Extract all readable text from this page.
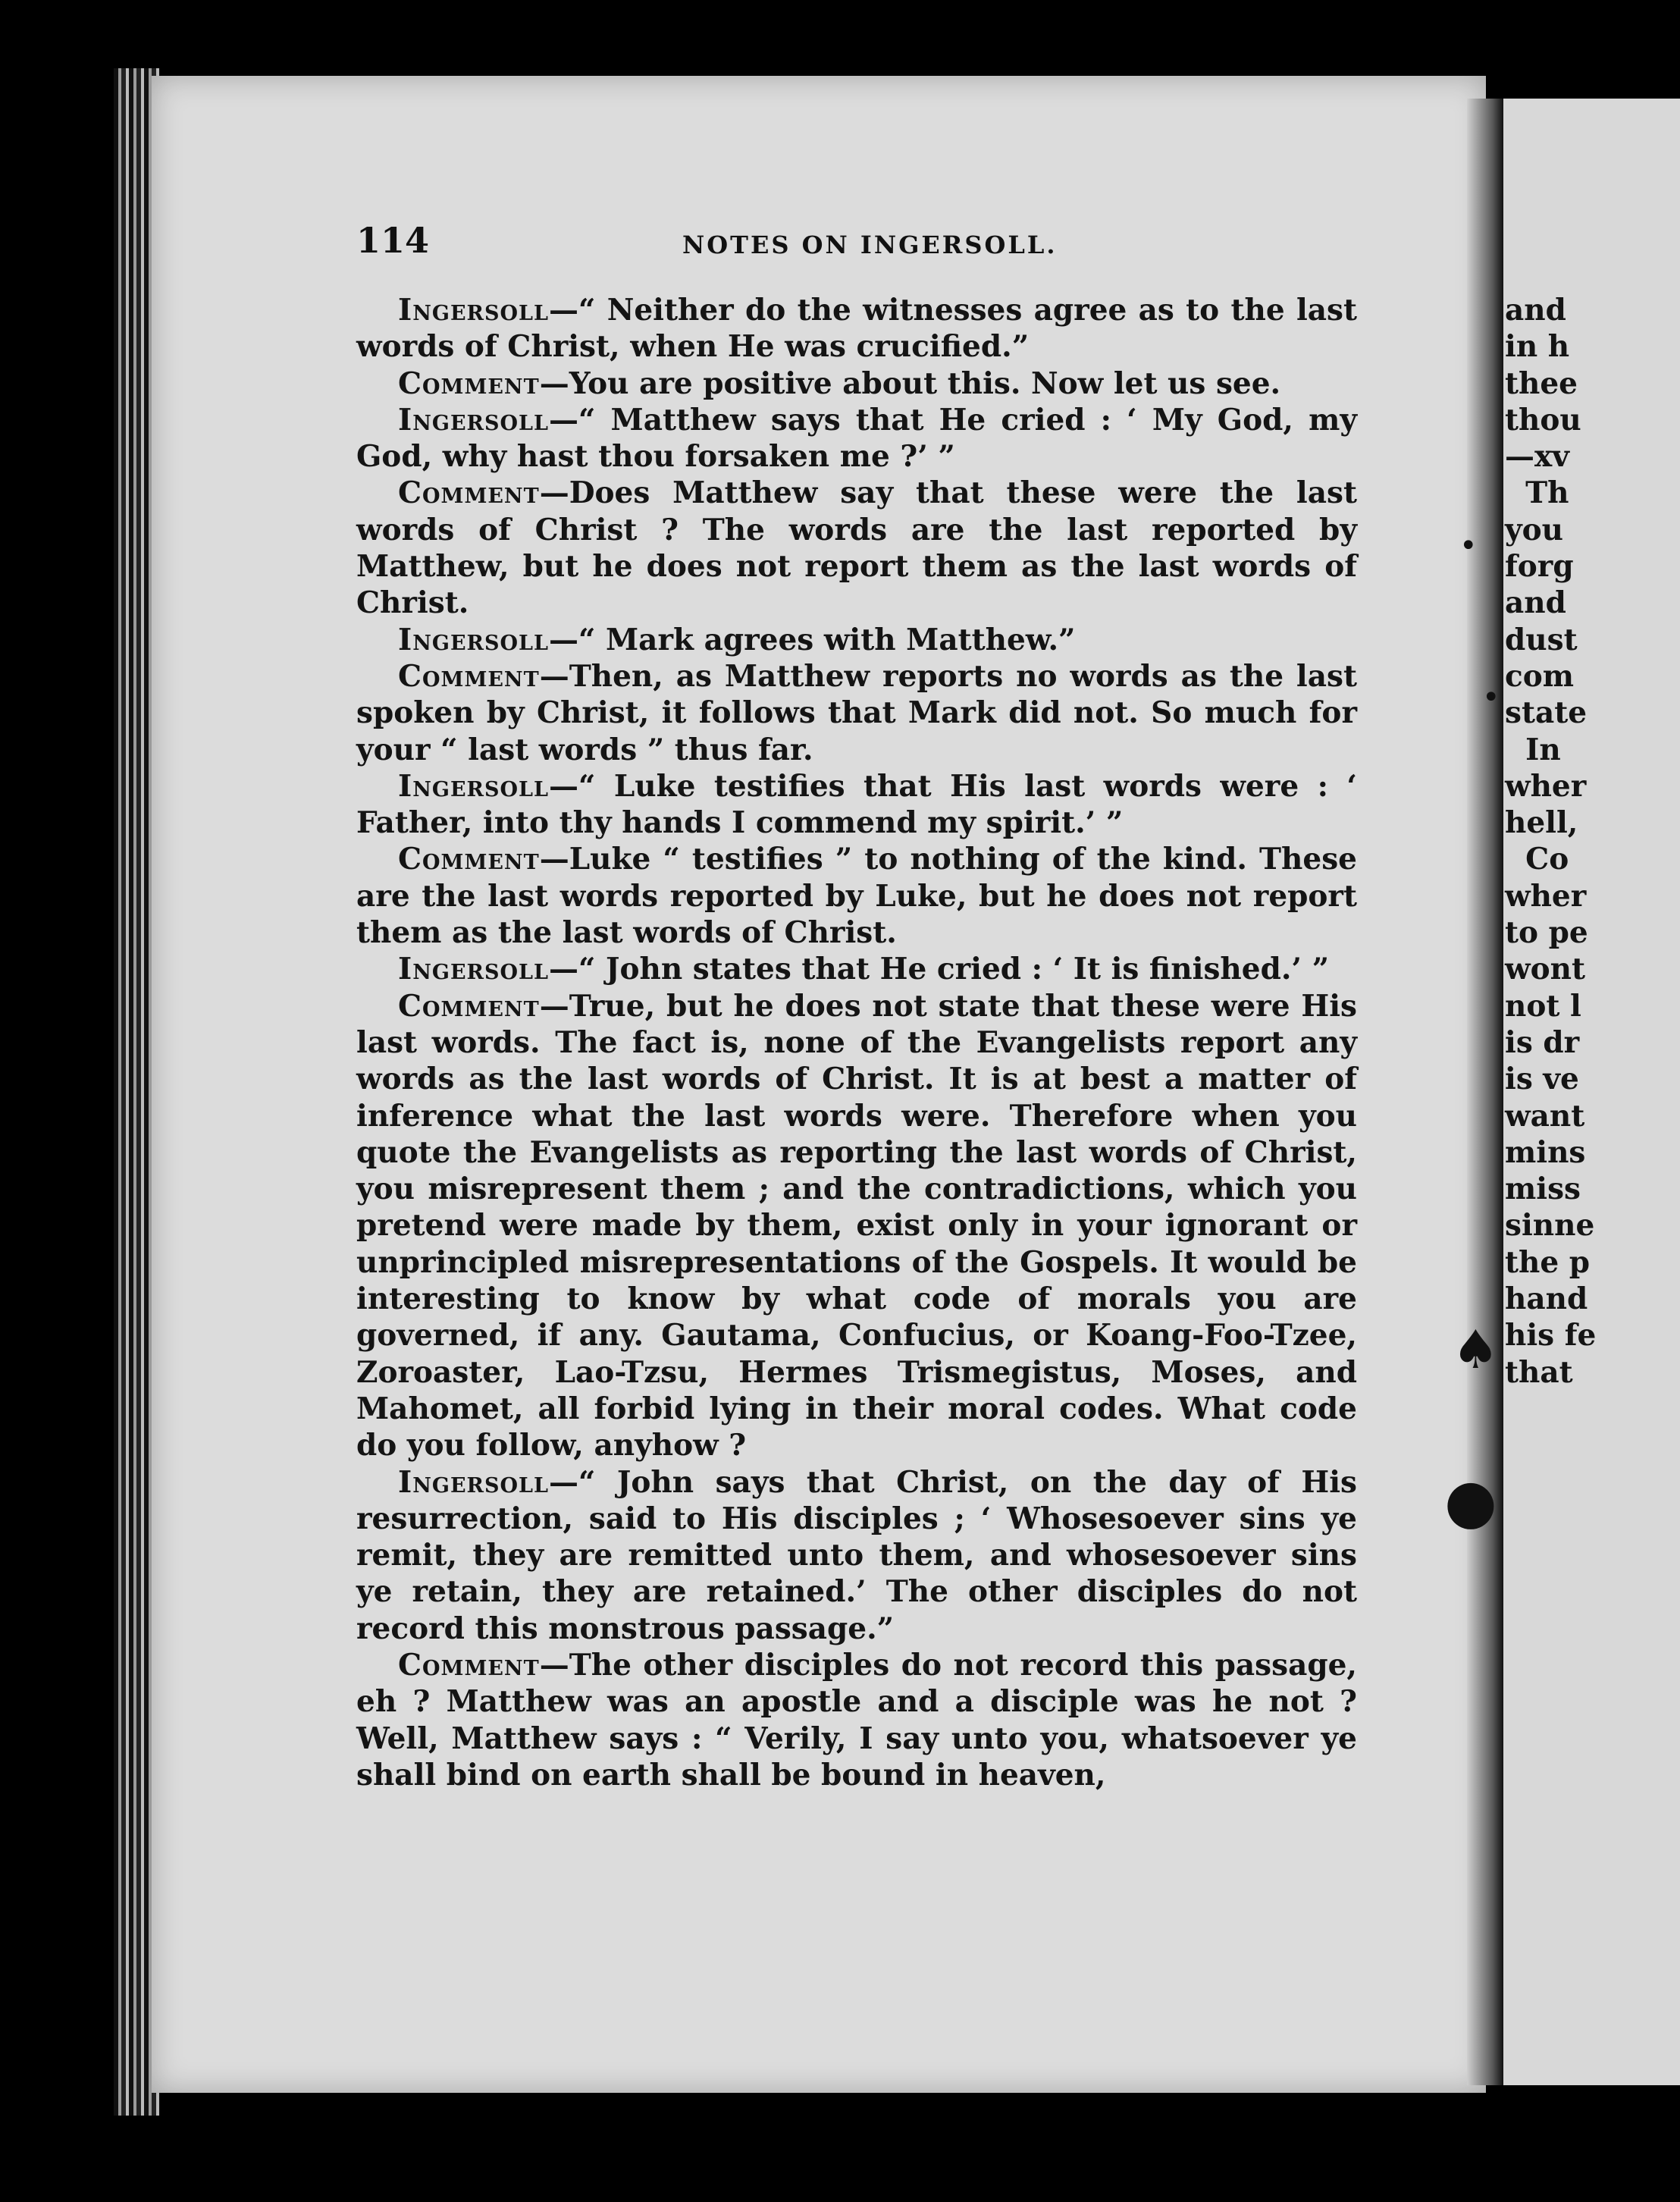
114	NOTES ON INGERSOLL.

Ingersoll—“ Neither do the witnesses agree as to the last words of Christ, when He was crucified.”

Comment—You are positive about this. Now let us see.

Ingersoll—“ Matthew says that He cried : ‘ My God, my God, why hast thou forsaken me ?’ ”

Comment—Does Matthew say that these were the last words of Christ ? The words are the last reported by Matthew, but he does not report them as the last words of Christ.

Ingersoll—“ Mark agrees with Matthew.”

Comment—Then, as Matthew reports no words as the last spoken by Christ, it follows that Mark did not. So much for your “ last words ” thus far.

Ingersoll—“ Luke testifies that His last words were : ‘ Father, into thy hands I commend my spirit.’ ”

Comment—Luke “ testifies ” to nothing of the kind. These are the last words reported by Luke, but he does not report them as the last words of Christ.

Ingersoll—“ John states that He cried : ‘ It is finished.’ ”

Comment—True, but he does not state that these were His last words. The fact is, none of the Evangelists report any words as the last words of Christ. It is at best a matter of inference what the last words were. Therefore when you quote the Evangelists as reporting the last words of Christ, you misrepresent them ; and the contradictions, which you pretend were made by them, exist only in your ignorant or unprincipled misrepresentations of the Gospels. It would be interesting to know by what code of morals you are governed, if any. Gautama, Confucius, or Koang-Foo-Tzee, Zoroaster, Lao-Tzsu, Hermes Trismegistus, Moses, and Mahomet, all forbid lying in their moral codes. What code do you follow, anyhow ?

Ingersoll—“ John says that Christ, on the day of His resurrection, said to His disciples ; ‘ Whosesoever sins ye remit, they are remitted unto them, and whosesoever sins ye retain, they are retained.’ The other disciples do not record this monstrous passage.”

Comment—The other disciples do not record this passage, eh ? Matthew was an apostle and a disciple was he not ? Well, Matthew says : “ Verily, I say unto you, whatsoever ye shall bind on earth shall be bound in heaven,

•
•
♠
●
and
in h
thee
thou
—xv
Th
you
forg
and
dust
com
state
In
wher
hell,
Co
wher
to pe
wont
not l
is dr
is ve
want
mins
miss
sinne
the p
hand
his fe
that
